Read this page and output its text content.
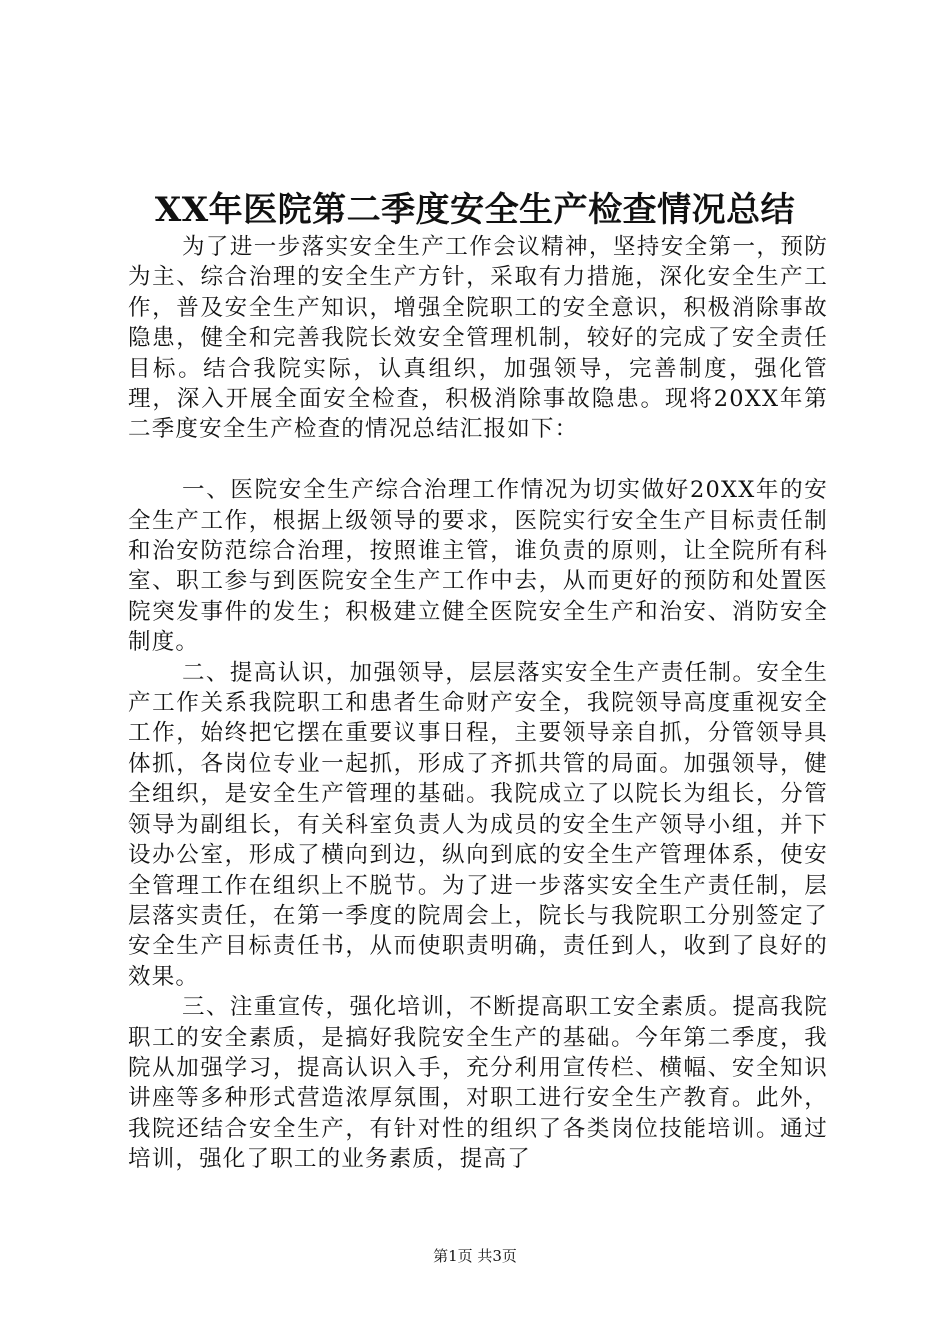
XX年医院第二季度安全生产检查情况总结

为了进一步落实安全生产工作会议精神，坚持安全第一，预防为主、综合治理的安全生产方针，采取有力措施，深化安全生产工作，普及安全生产知识，增强全院职工的安全意识，积极消除事故隐患，健全和完善我院长效安全管理机制，较好的完成了安全责任目标。结合我院实际，认真组织，加强领导，完善制度，强化管理，深入开展全面安全检查，积极消除事故隐患。现将20XX年第二季度安全生产检查的情况总结汇报如下：

一、医院安全生产综合治理工作情况为切实做好20XX年的安全生产工作，根据上级领导的要求，医院实行安全生产目标责任制和治安防范综合治理，按照谁主管，谁负责的原则，让全院所有科室、职工参与到医院安全生产工作中去，从而更好的预防和处置医院突发事件的发生；积极建立健全医院安全生产和治安、消防安全制度。

二、提高认识，加强领导，层层落实安全生产责任制。安全生产工作关系我院职工和患者生命财产安全，我院领导高度重视安全工作，始终把它摆在重要议事日程，主要领导亲自抓，分管领导具体抓，各岗位专业一起抓，形成了齐抓共管的局面。加强领导，健全组织，是安全生产管理的基础。我院成立了以院长为组长，分管领导为副组长，有关科室负责人为成员的安全生产领导小组，并下设办公室，形成了横向到边，纵向到底的安全生产管理体系，使安全管理工作在组织上不脱节。为了进一步落实安全生产责任制，层层落实责任，在第一季度的院周会上，院长与我院职工分别签定了安全生产目标责任书，从而使职责明确，责任到人，收到了良好的效果。

三、注重宣传，强化培训，不断提高职工安全素质。提高我院职工的安全素质，是搞好我院安全生产的基础。今年第二季度，我院从加强学习，提高认识入手，充分利用宣传栏、横幅、安全知识讲座等多种形式营造浓厚氛围，对职工进行安全生产教育。此外，我院还结合安全生产，有针对性的组织了各类岗位技能培训。通过培训，强化了职工的业务素质，提高了

第1页 共3页
